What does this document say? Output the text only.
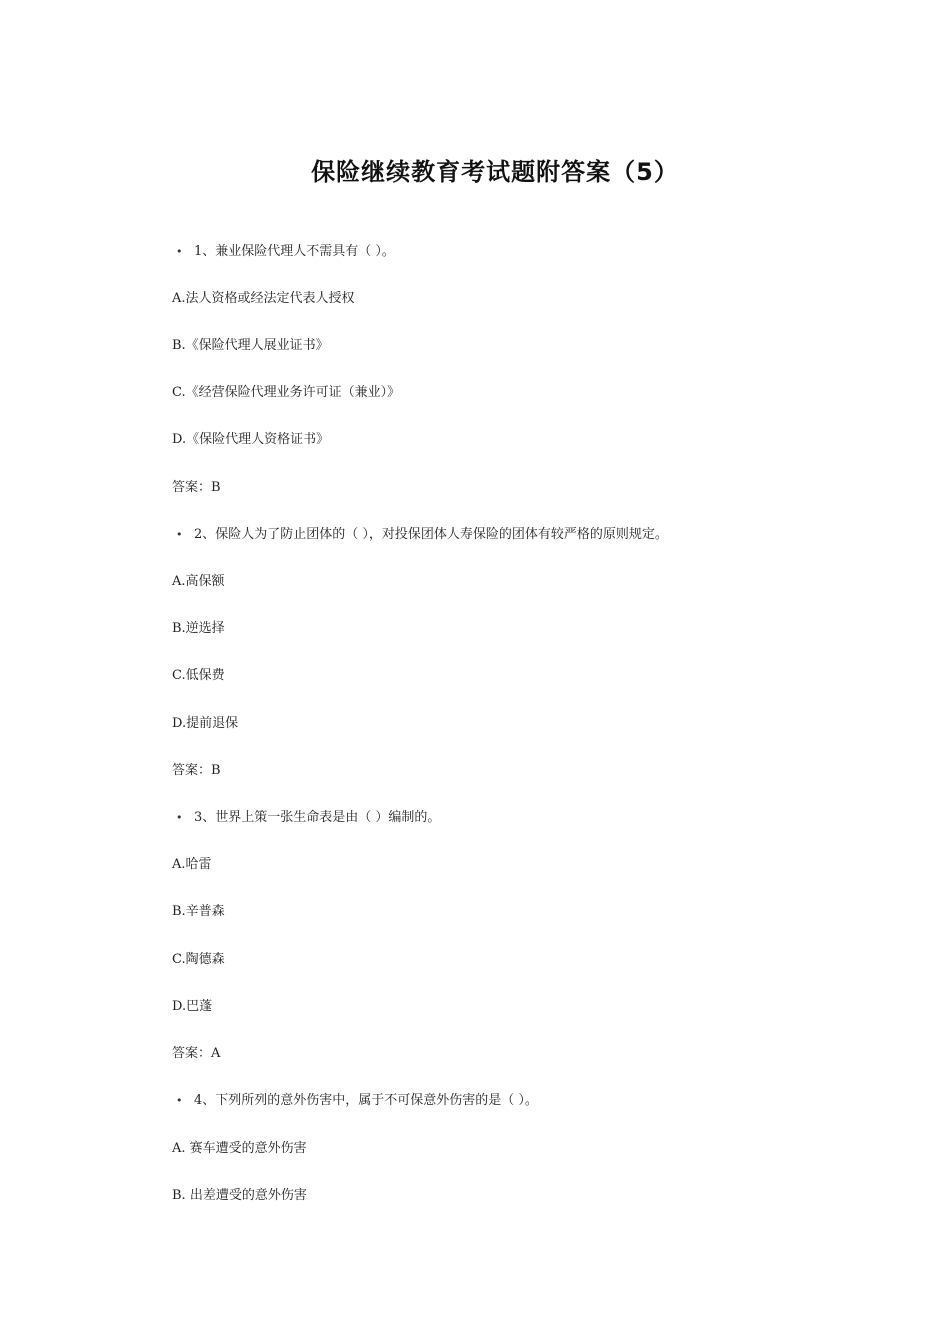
保险继续教育考试题附答案（5）
• 1、兼业保险代理人不需具有（ ）。
A.法人资格或经法定代表人授权
B.《保险代理人展业证书》
C.《经营保险代理业务许可证（兼业）》
D.《保险代理人资格证书》
答案：B
• 2、保险人为了防止团体的（ ），对投保团体人寿保险的团体有较严格的原则规定。
A.高保额
B.逆选择
C.低保费
D.提前退保
答案：B
• 3、世界上策一张生命表是由（ ）编制的。
A.哈雷
B.辛普森
C.陶德森
D.巴蓬
答案：A
• 4、下列所列的意外伤害中，属于不可保意外伤害的是（ ）。
A. 赛车遭受的意外伤害
B. 出差遭受的意外伤害
